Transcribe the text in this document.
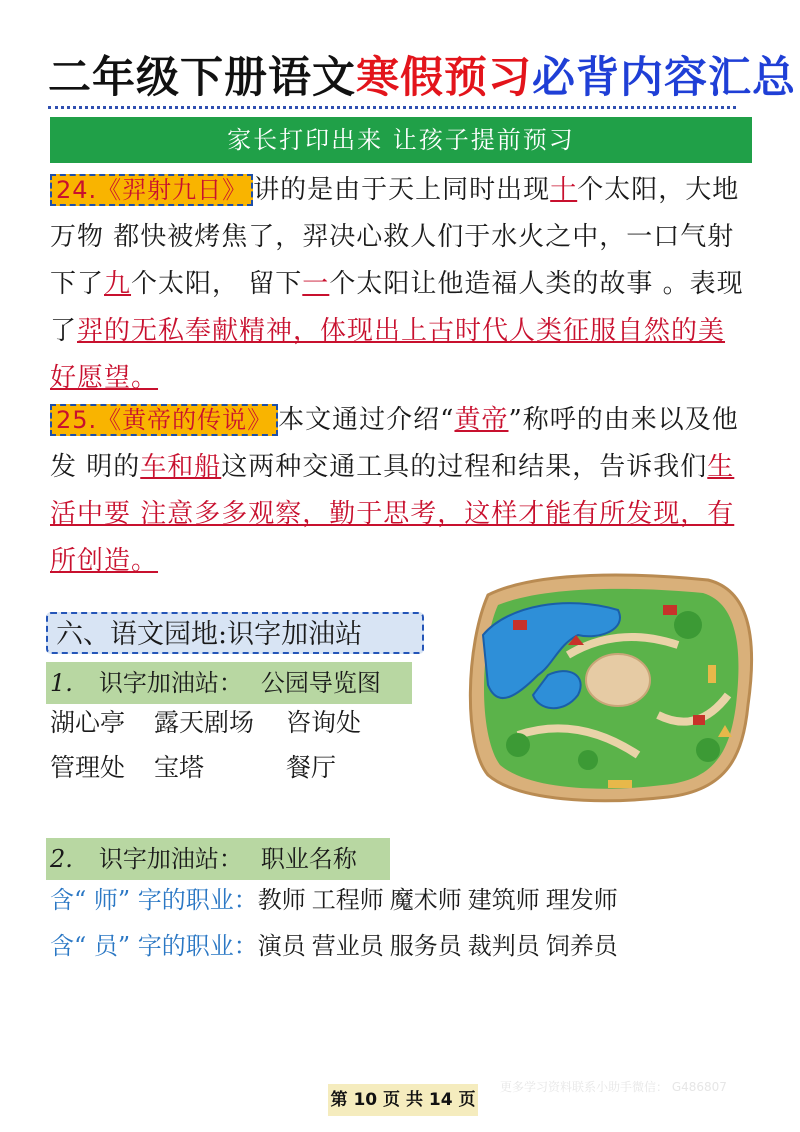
二年级下册语文寒假预习必背内容汇总
家长打印出来 让孩子提前预习
24.《羿射九日》 讲的是由于天上同时出现十个太阳，大地万物 都快被烤焦了，羿决心救人们于水火之中，一口气射下了九个太阳， 留下一个太阳让他造福人类的故事 。表现了羿的无私奉献精神，体现出上古时代人类征服自然的美好愿望。
25.《黄帝的传说》 本文通过介绍“黄帝”称呼的由来以及他发 明的车和船这两种交通工具的过程和结果，告诉我们生活中要 注意多多观察，勤于思考，这样才能有所发现，有所创造。
六、语文园地:识字加油站
1. 识字加油站： 公园导览图
湖心亭 露天剧场 咨询处
管理处 宝塔	餐厅
2. 识字加油站： 职业名称
含“ 师” 字的职业：教师 工程师 魔术师 建筑师 理发师
含“ 员” 字的职业：演员 营业员 服务员 裁判员 饲养员
第 10 页 共 14 页
更多学习资料联系小助手微信： G486807
